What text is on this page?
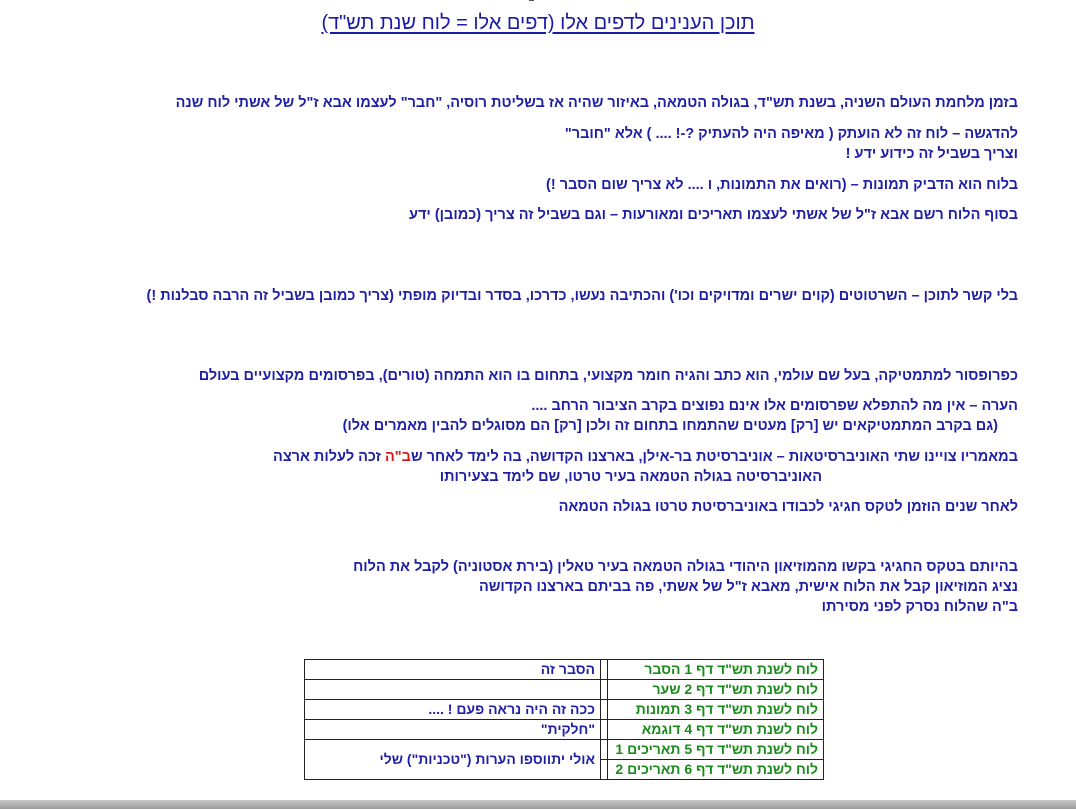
תוכן הענינים לדפים אלו (דפים אלו = לוח שנת תש"ד)
בזמן מלחמת העולם השניה, בשנת תש"ד, בגולה הטמאה, באיזור שהיה אז בשליטת רוסיה, "חבר" לעצמו אבא ז"ל של אשתי לוח שנה
להדגשה – לוח זה לא הועתק ( מאיפה היה להעתיק ?-! .... ) אלא "חובר"
וצריך בשביל זה כידוע ידע !
בלוח הוא הדביק תמונות – (רואים את התמונות, ו .... לא צריך שום הסבר !)
בסוף הלוח רשם אבא ז"ל של אשתי לעצמו תאריכים ומאורעות – וגם בשביל זה צריך (כמובן) ידע
בלי קשר לתוכן – השרטוטים (קוים ישרים ומדויקים וכו') והכתיבה נעשו, כדרכו, בסדר ובדיוק מופתי (צריך כמובן בשביל זה הרבה סבלנות !)
כפרופסור למתמטיקה, בעל שם עולמי, הוא כתב והגיה חומר מקצועי, בתחום בו הוא התמחה (טורים), בפרסומים מקצועיים בעולם
הערה – אין מה להתפלא שפרסומים אלו אינם נפוצים בקרב הציבור הרחב ....
(גם בקרב המתמטיקאים יש [רק] מעטים שהתמחו בתחום זה ולכן [רק] הם מסוגלים להבין מאמרים אלו)
במאמריו צויינו שתי האוניברסיטאות – אוניברסיטת בר-אילן, בארצנו הקדושה, בה לימד לאחר שב"ה זכה לעלות ארצה
האוניברסיטה בגולה הטמאה בעיר טרטו, שם לימד בצעירותו
לאחר שנים הוזמן לטקס חגיגי לכבודו באוניברסיטת טרטו בגולה הטמאה
בהיותם בטקס החגיגי בקשו מהמוזיאון היהודי בגולה הטמאה בעיר טאלין (בירת אסטוניה) לקבל את הלוח
נציג המוזיאון קבל את הלוח אישית, מאבא ז"ל של אשתי, פה בביתם בארצנו הקדושה
ב"ה שהלוח נסרק לפני מסירתו
לוח לשנת תש"ד דף 1 הסבר		הסבר זה
לוח לשנת תש"ד דף 2 שער		
לוח לשנת תש"ד דף 3 תמונות		ככה זה היה נראה פעם ! ....
לוח לשנת תש"ד דף 4 דוגמא		"חלקית"
לוח לשנת תש"ד דף 5 תאריכים 1		אולי יתווספו הערות ("טכניות") שלי
לוח לשנת תש"ד דף 6 תאריכים 2		
